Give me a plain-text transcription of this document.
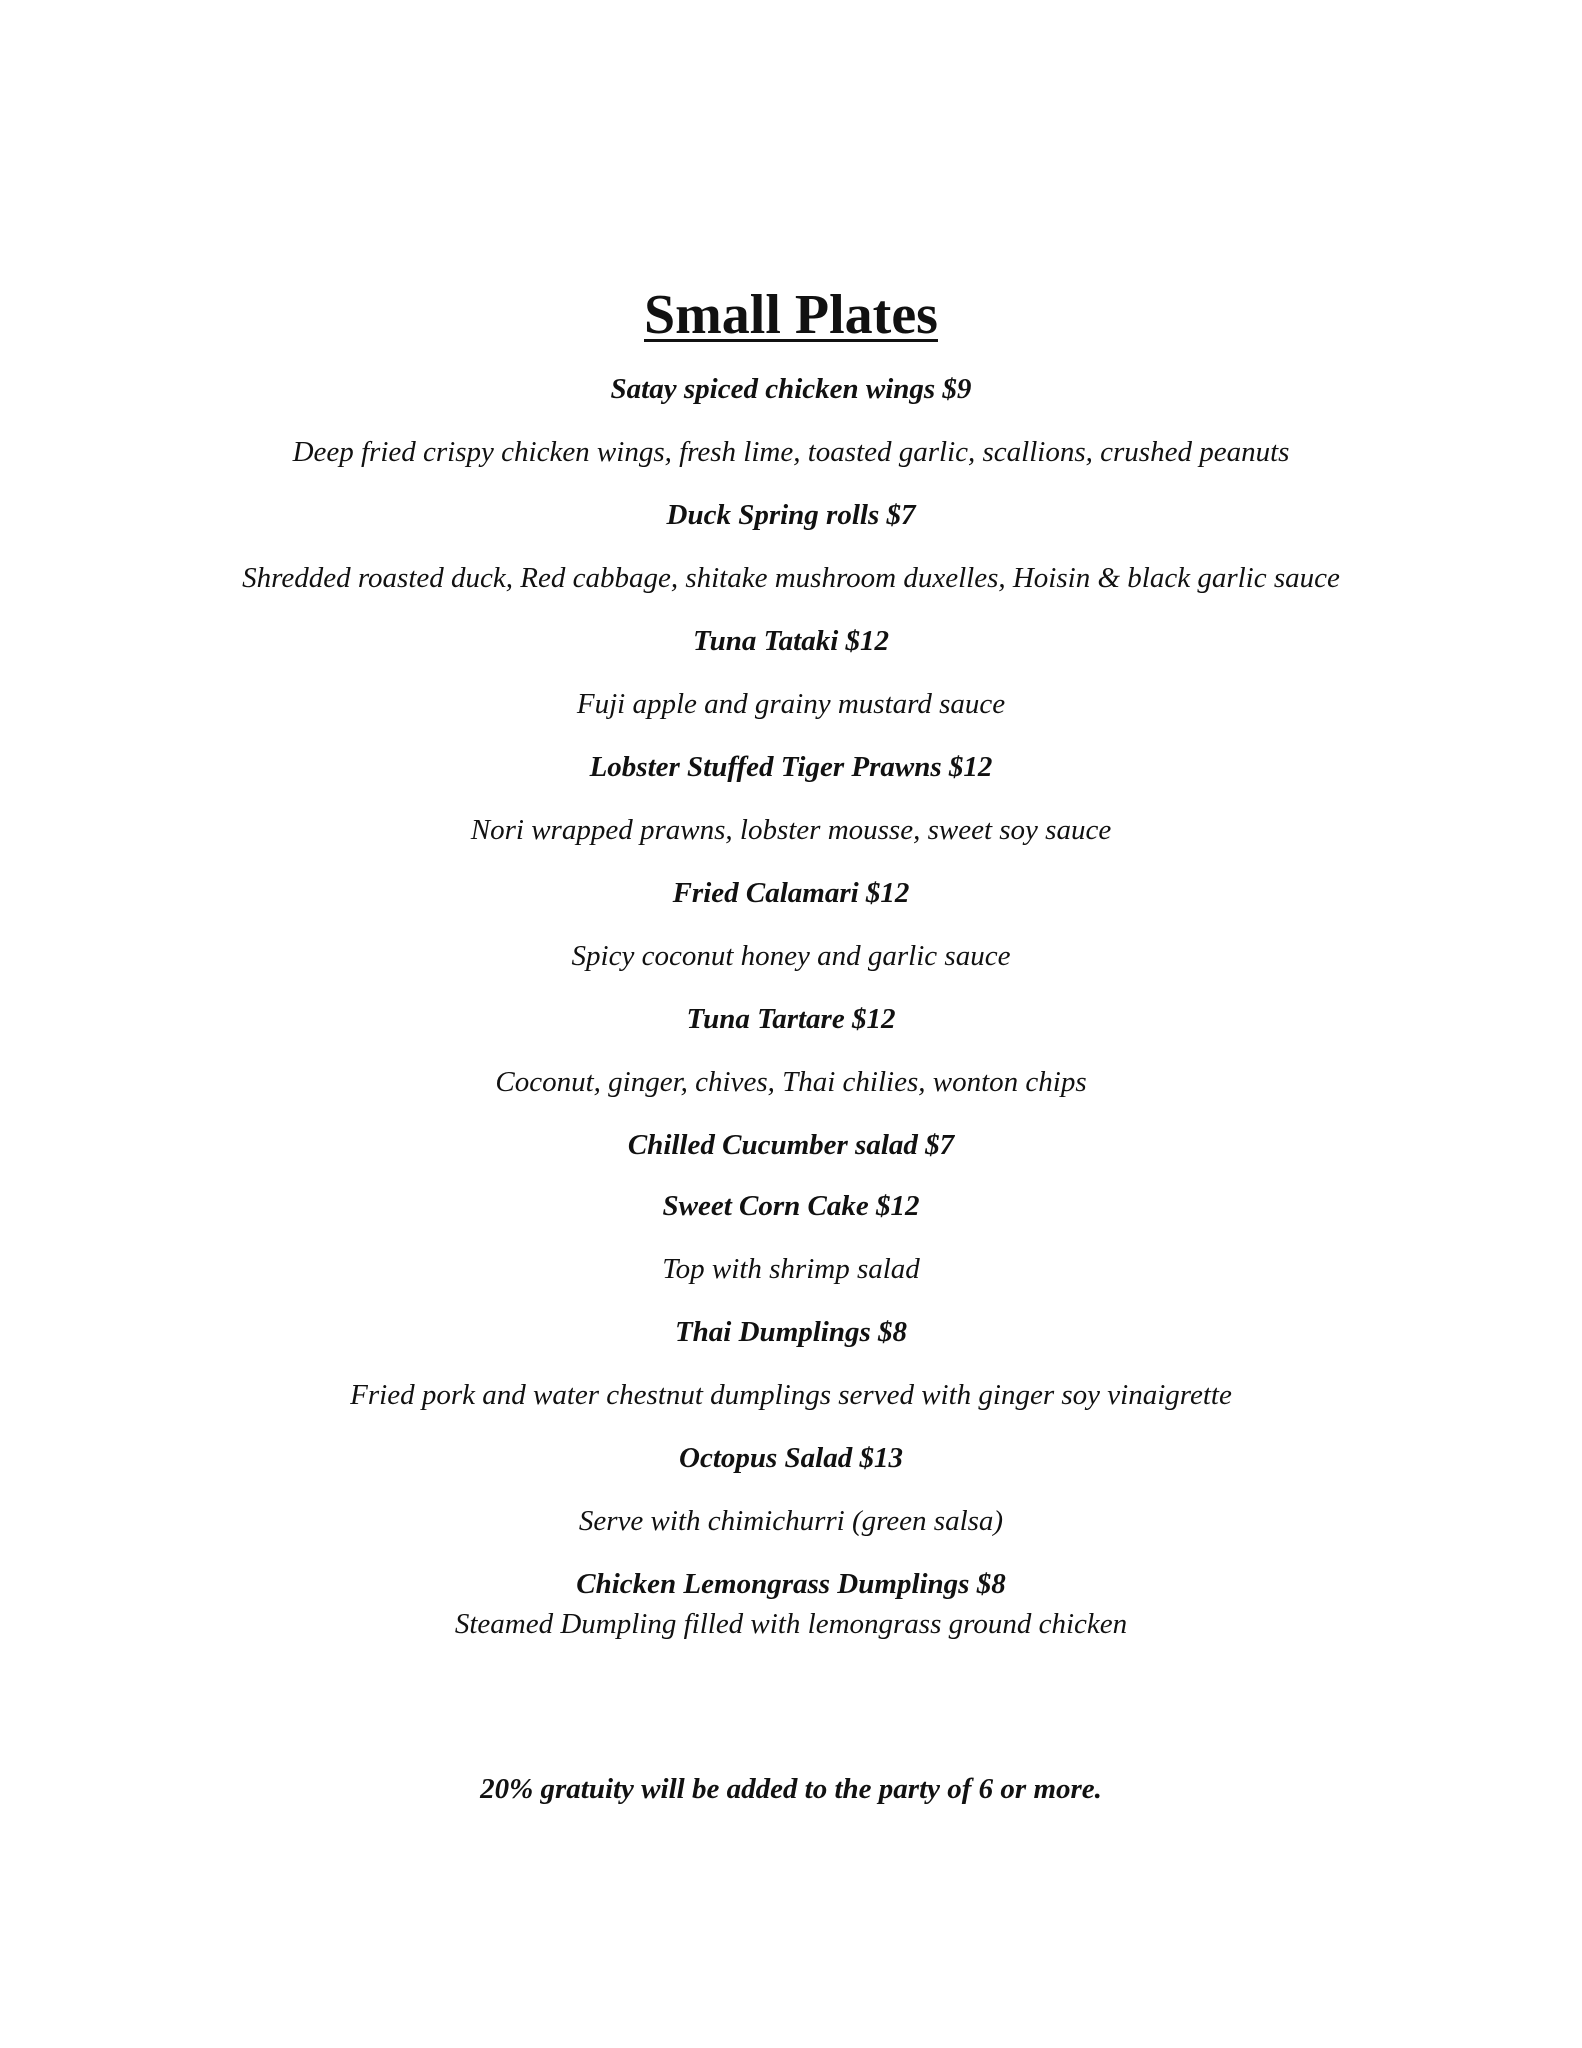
Small Plates
Satay spiced chicken wings $9
Deep fried crispy chicken wings, fresh lime, toasted garlic, scallions, crushed peanuts
Duck Spring rolls $7
Shredded roasted duck, Red cabbage, shitake mushroom duxelles, Hoisin & black garlic sauce
Tuna Tataki $12
Fuji apple and grainy mustard sauce
Lobster Stuffed Tiger Prawns $12
Nori wrapped prawns, lobster mousse, sweet soy sauce
Fried Calamari $12
Spicy coconut honey and garlic sauce
Tuna Tartare $12
Coconut, ginger, chives, Thai chilies, wonton chips
Chilled Cucumber salad $7
Sweet Corn Cake $12
Top with shrimp salad
Thai Dumplings $8
Fried pork and water chestnut dumplings served with ginger soy vinaigrette
Octopus Salad $13
Serve with chimichurri (green salsa)
Chicken Lemongrass Dumplings $8
Steamed Dumpling filled with lemongrass ground chicken

20% gratuity will be added to the party of 6 or more.
